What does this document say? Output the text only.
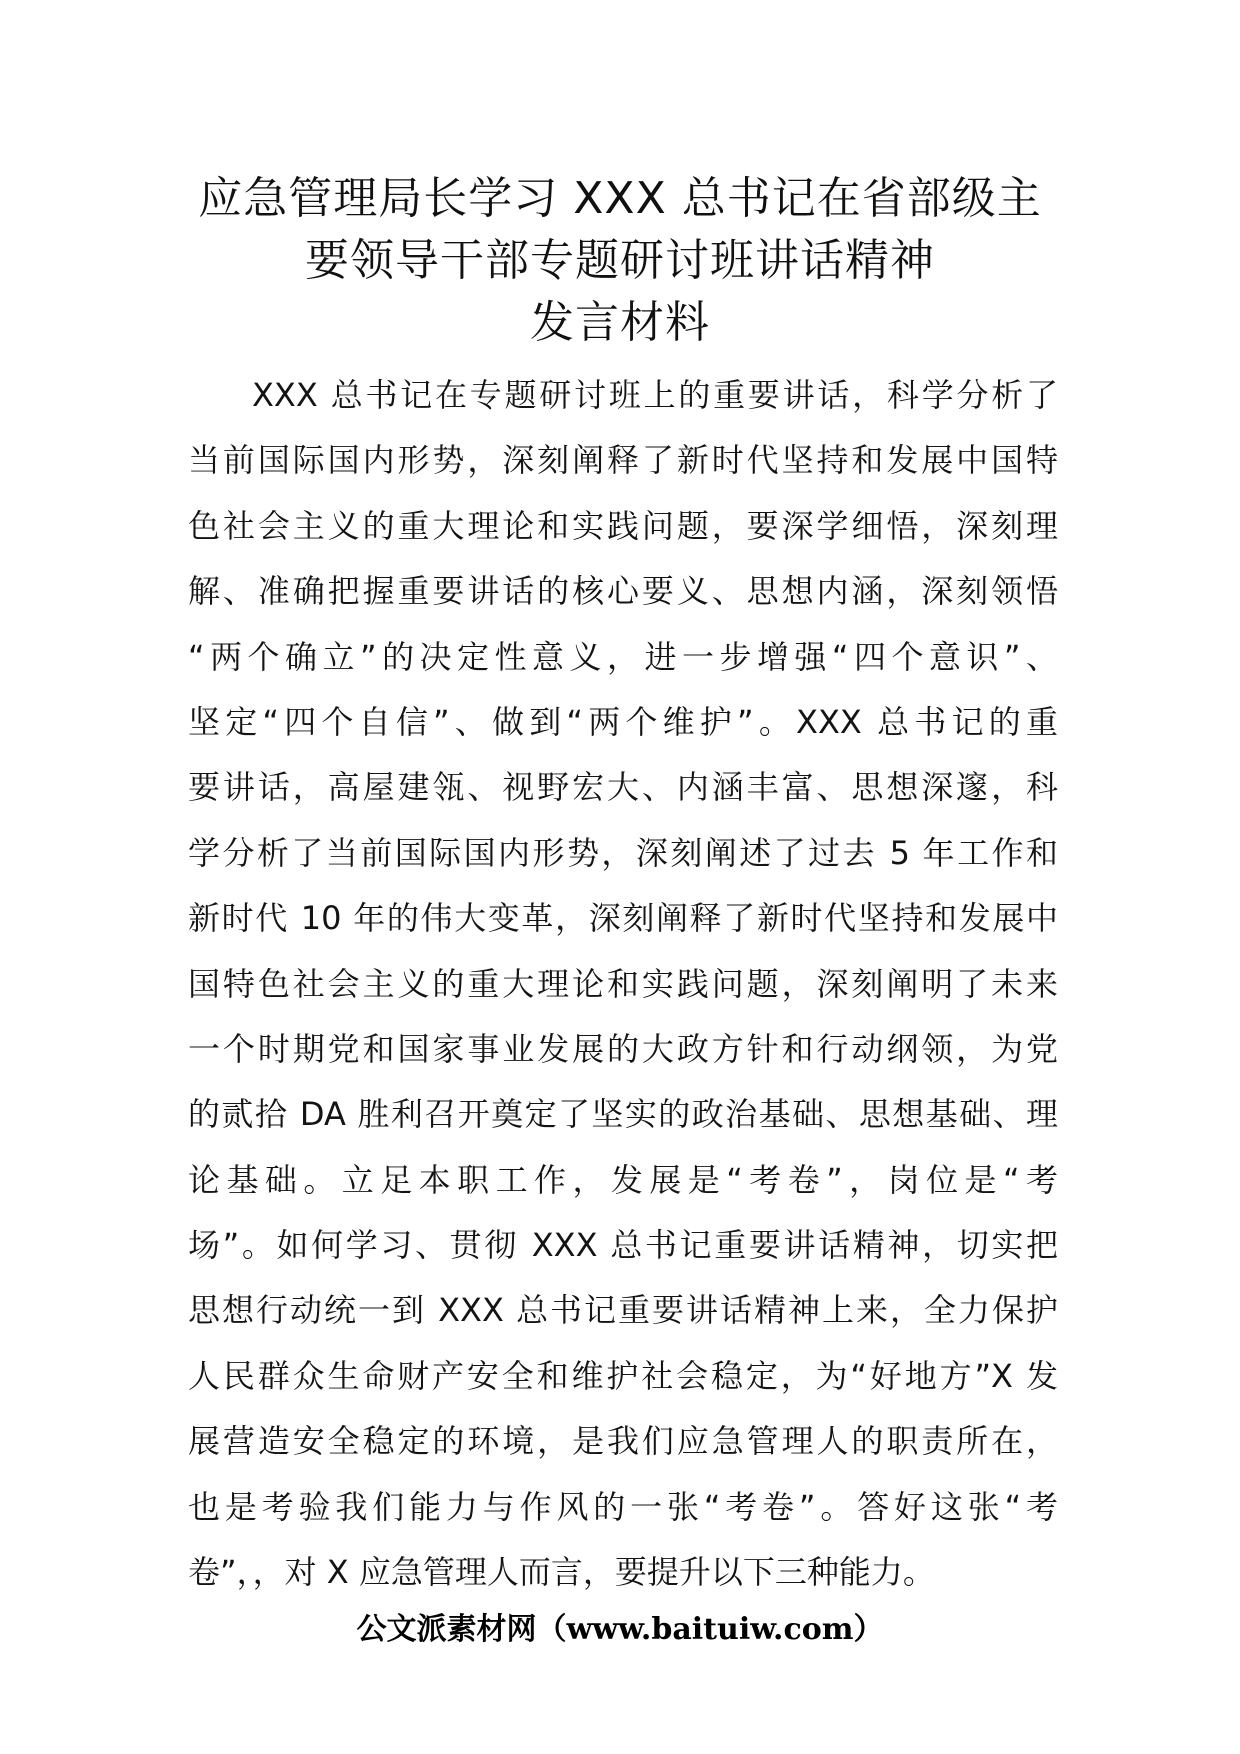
应急管理局长学习 XXX 总书记在省部级主
要领导干部专题研讨班讲话精神
发言材料
XXX 总书记在专题研讨班上的重要讲话，科学分析了
当前国际国内形势，深刻阐释了新时代坚持和发展中国特
色社会主义的重大理论和实践问题，要深学细悟，深刻理
解、准确把握重要讲话的核心要义、思想内涵，深刻领悟
“两个确立”的决定性意义，进一步增强“四个意识”、
坚定“四个自信”、做到“两个维护”。XXX 总书记的重
要讲话，高屋建瓴、视野宏大、内涵丰富、思想深邃，科
学分析了当前国际国内形势，深刻阐述了过去 5 年工作和
新时代 10 年的伟大变革，深刻阐释了新时代坚持和发展中
国特色社会主义的重大理论和实践问题，深刻阐明了未来
一个时期党和国家事业发展的大政方针和行动纲领，为党
的贰拾 DA 胜利召开奠定了坚实的政治基础、思想基础、理
论基础。立足本职工作，发展是“考卷”，岗位是“考
场”。如何学习、贯彻 XXX 总书记重要讲话精神，切实把
思想行动统一到 XXX 总书记重要讲话精神上来，全力保护
人民群众生命财产安全和维护社会稳定，为“好地方”X 发
展营造安全稳定的环境，是我们应急管理人的职责所在，
也是考验我们能力与作风的一张“考卷”。答好这张“考
卷”，，对 X 应急管理人而言，要提升以下三种能力。
公文派素材网（www.baituiw.com）
